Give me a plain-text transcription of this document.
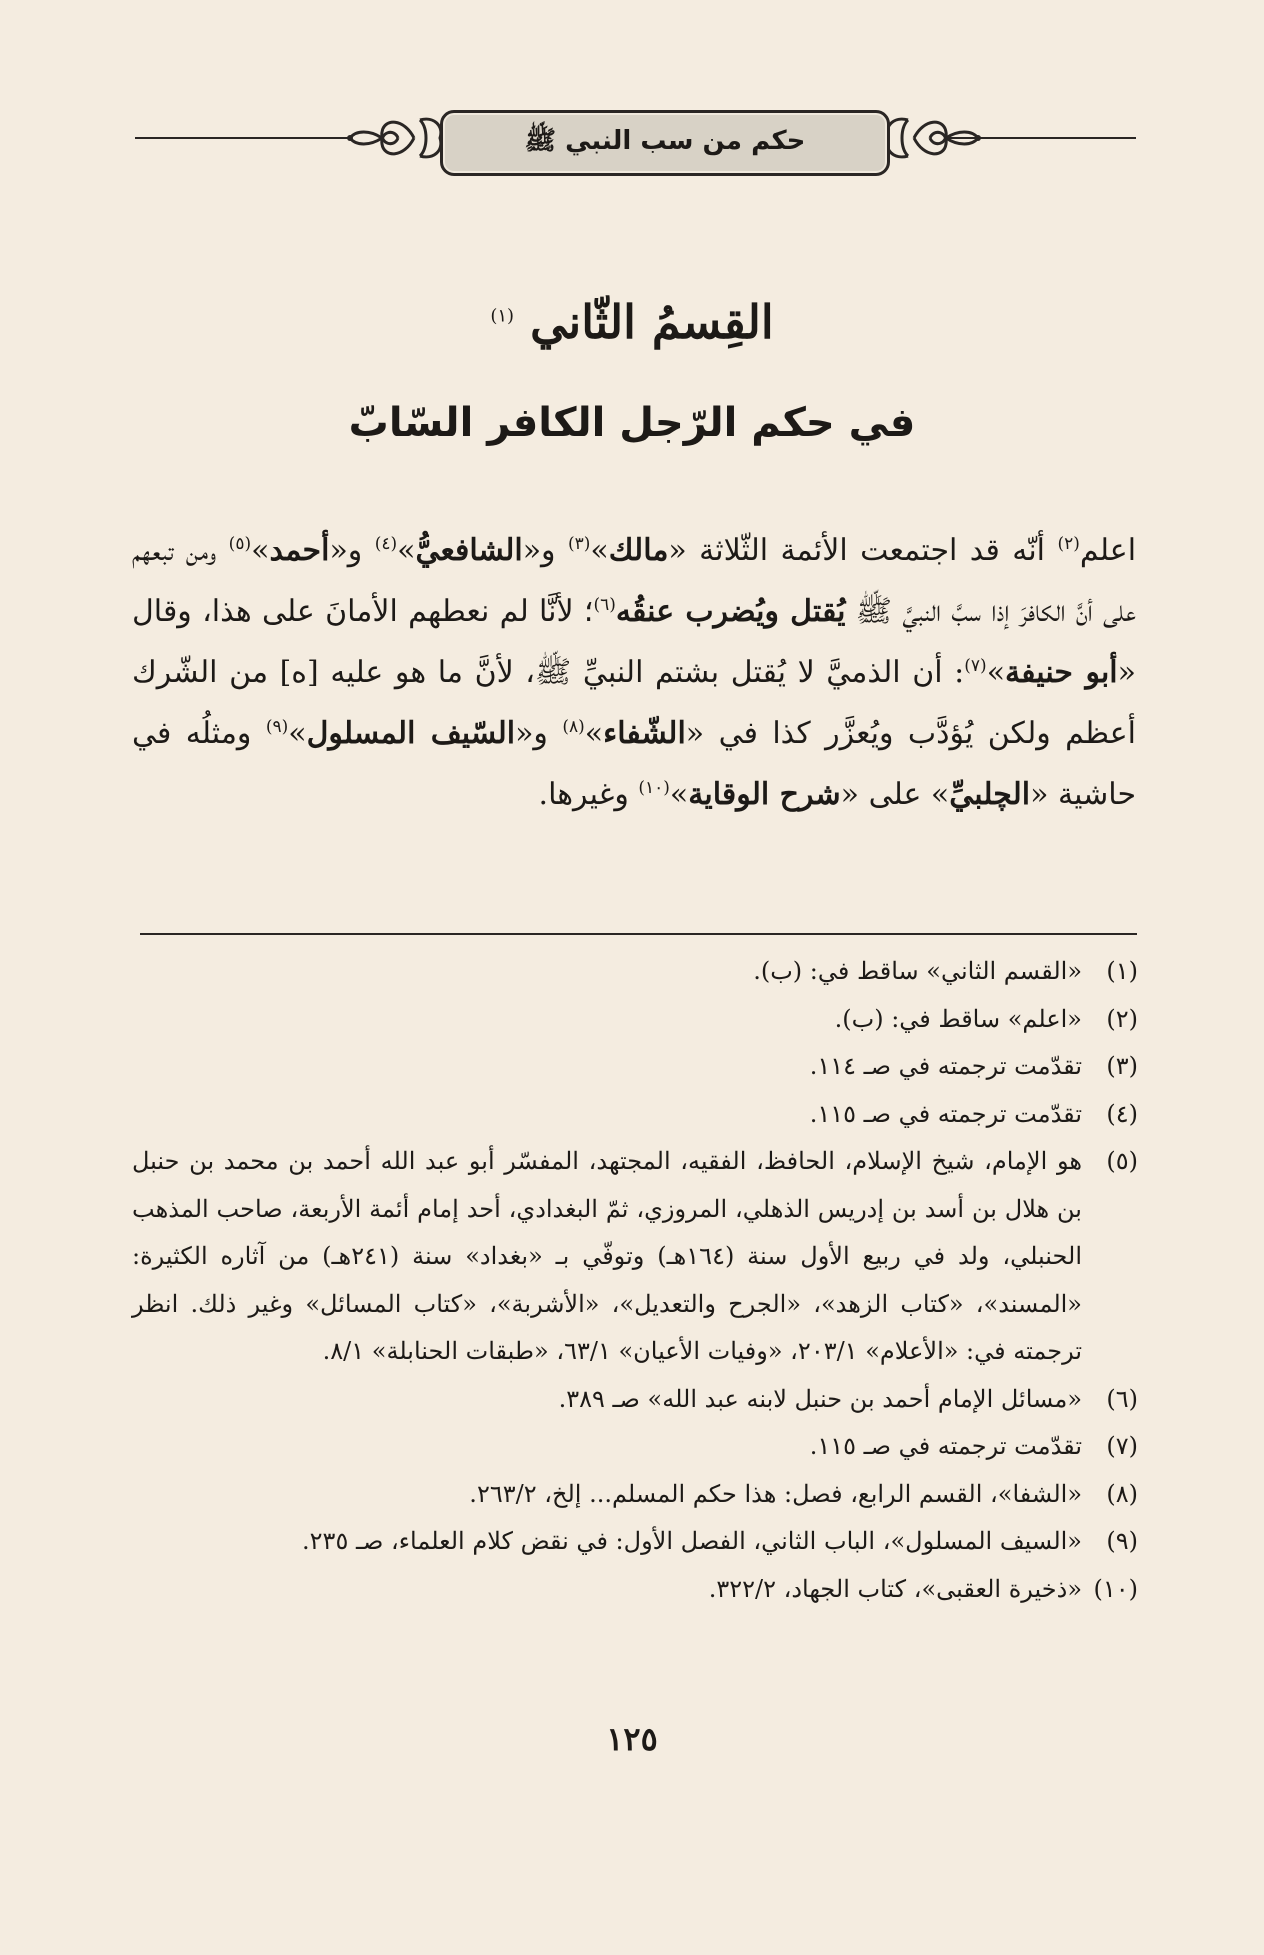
حكم من سب النبي ﷺ
القِسمُ الثّاني $^{(١)}$
في حكم الرّجل الكافر السّابّ
اعلم$^{(٢)}$ أنّه قد اجتمعت الأئمة الثّلاثة «مالك»$^{(٣)}$ و«الشافعيُّ»$^{(٤)}$ و«أحمد»$^{(٥)}$ ومن تبعهم على أنَّ الكافرَ إذا سبَّ النبيَّ ﷺ يُقتل ويُضرب عنقُه$^{(٦)}$؛ لأنَّا لم نعطهم الأمانَ على هذا، وقال «أبو حنيفة»$^{(٧)}$: أن الذميَّ لا يُقتل بشتم النبيِّ ﷺ، لأنَّ ما هو عليه [ه] من الشّرك أعظم ولكن يُؤدَّب ويُعزَّر كذا في «الشّفاء»$^{(٨)}$ و«السّيف المسلول»$^{(٩)}$ ومثلُه في حاشية «الچلبيِّ» على «شرح الوقاية»$^{(١٠)}$ وغيرها.
(١)
«القسم الثاني» ساقط في: (ب).
(٢)
«اعلم» ساقط في: (ب).
(٣)
تقدّمت ترجمته في صـ ١١٤.
(٤)
تقدّمت ترجمته في صـ ١١٥.
(٥)
هو الإمام، شيخ الإسلام، الحافظ، الفقيه، المجتهد، المفسّر أبو عبد الله أحمد بن محمد بن حنبل بن هلال بن أسد بن إدريس الذهلي، المروزي، ثمّ البغدادي، أحد إمام أئمة الأربعة، صاحب المذهب الحنبلي، ولد في ربيع الأول سنة (١٦٤هـ) وتوفّي بـ «بغداد» سنة (٢٤١هـ) من آثاره الكثيرة: «المسند»، «كتاب الزهد»، «الجرح والتعديل»، «الأشربة»، «كتاب المسائل» وغير ذلك. انظر ترجمته في: «الأعلام» ٢٠٣/١، «وفيات الأعيان» ٦٣/١، «طبقات الحنابلة» ٨/١.
(٦)
«مسائل الإمام أحمد بن حنبل لابنه عبد الله» صـ ٣٨٩.
(٧)
تقدّمت ترجمته في صـ ١١٥.
(٨)
«الشفا»، القسم الرابع، فصل: هذا حكم المسلم... إلخ، ٢٦٣/٢.
(٩)
«السيف المسلول»، الباب الثاني، الفصل الأول: في نقض كلام العلماء، صـ ٢٣٥.
(١٠)
«ذخيرة العقبى»، كتاب الجهاد، ٣٢٢/٢.
١٢٥
